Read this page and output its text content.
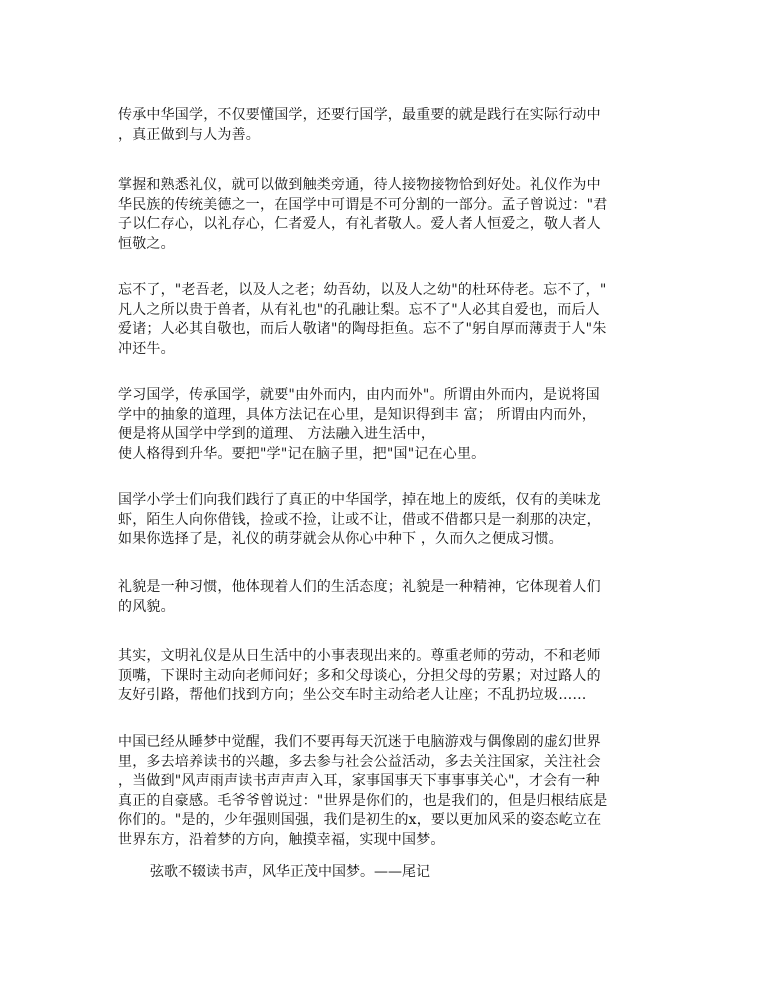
传承中华国学，不仅要懂国学，还要行国学，最重要的就是践行在实际行动中
，真正做到与人为善。
掌握和熟悉礼仪，就可以做到触类旁通，待人接物接物恰到好处。礼仪作为中
华民族的传统美德之一，在国学中可谓是不可分割的一部分。孟子曾说过："君
子以仁存心，以礼存心，仁者爱人，有礼者敬人。爱人者人恒爱之，敬人者人
恒敬之。
忘不了，"老吾老，以及人之老；幼吾幼，以及人之幼"的杜环侍老。忘不了，"
凡人之所以贵于兽者，从有礼也"的孔融让梨。忘不了"人必其自爱也，而后人
爱诸；人必其自敬也，而后人敬诸"的陶母拒鱼。忘不了"躬自厚而薄责于人"朱
冲还牛。
学习国学，传承国学，就要"由外而内，由内而外"。所谓由外而内，是说将国
学中的抽象的道理，具体方法记在心里，是知识得到丰 富； 所谓由内而外，
便是将从国学中学到的道理、 方法融入进生活中，
使人格得到升华。要把"学"记在脑子里，把"国"记在心里。
国学小学士们向我们践行了真正的中华国学，掉在地上的废纸，仅有的美味龙
虾，陌生人向你借钱，捡或不捡，让或不让，借或不借都只是一刹那的决定，
如果你选择了是，礼仪的萌芽就会从你心中种下 ，久而久之便成习惯。
礼貌是一种习惯，他体现着人们的生活态度；礼貌是一种精神，它体现着人们
的风貌。
其实，文明礼仪是从日生活中的小事表现出来的。尊重老师的劳动，不和老师
顶嘴，下课时主动向老师问好；多和父母谈心，分担父母的劳累；对过路人的
友好引路，帮他们找到方向；坐公交车时主动给老人让座；不乱扔垃圾……
中国已经从睡梦中觉醒，我们不要再每天沉迷于电脑游戏与偶像剧的虚幻世界
里，多去培养读书的兴趣，多去参与社会公益活动，多去关注国家，关注社会
，当做到"风声雨声读书声声声入耳，家事国事天下事事事关心"，才会有一种
真正的自豪感。毛爷爷曾说过："世界是你们的，也是我们的，但是归根结底是
你们的。"是的，少年强则国强，我们是初生的x，要以更加风采的姿态屹立在
世界东方，沿着梦的方向，触摸幸福，实现中国梦。
弦歌不辍读书声，风华正茂中国梦。——尾记
